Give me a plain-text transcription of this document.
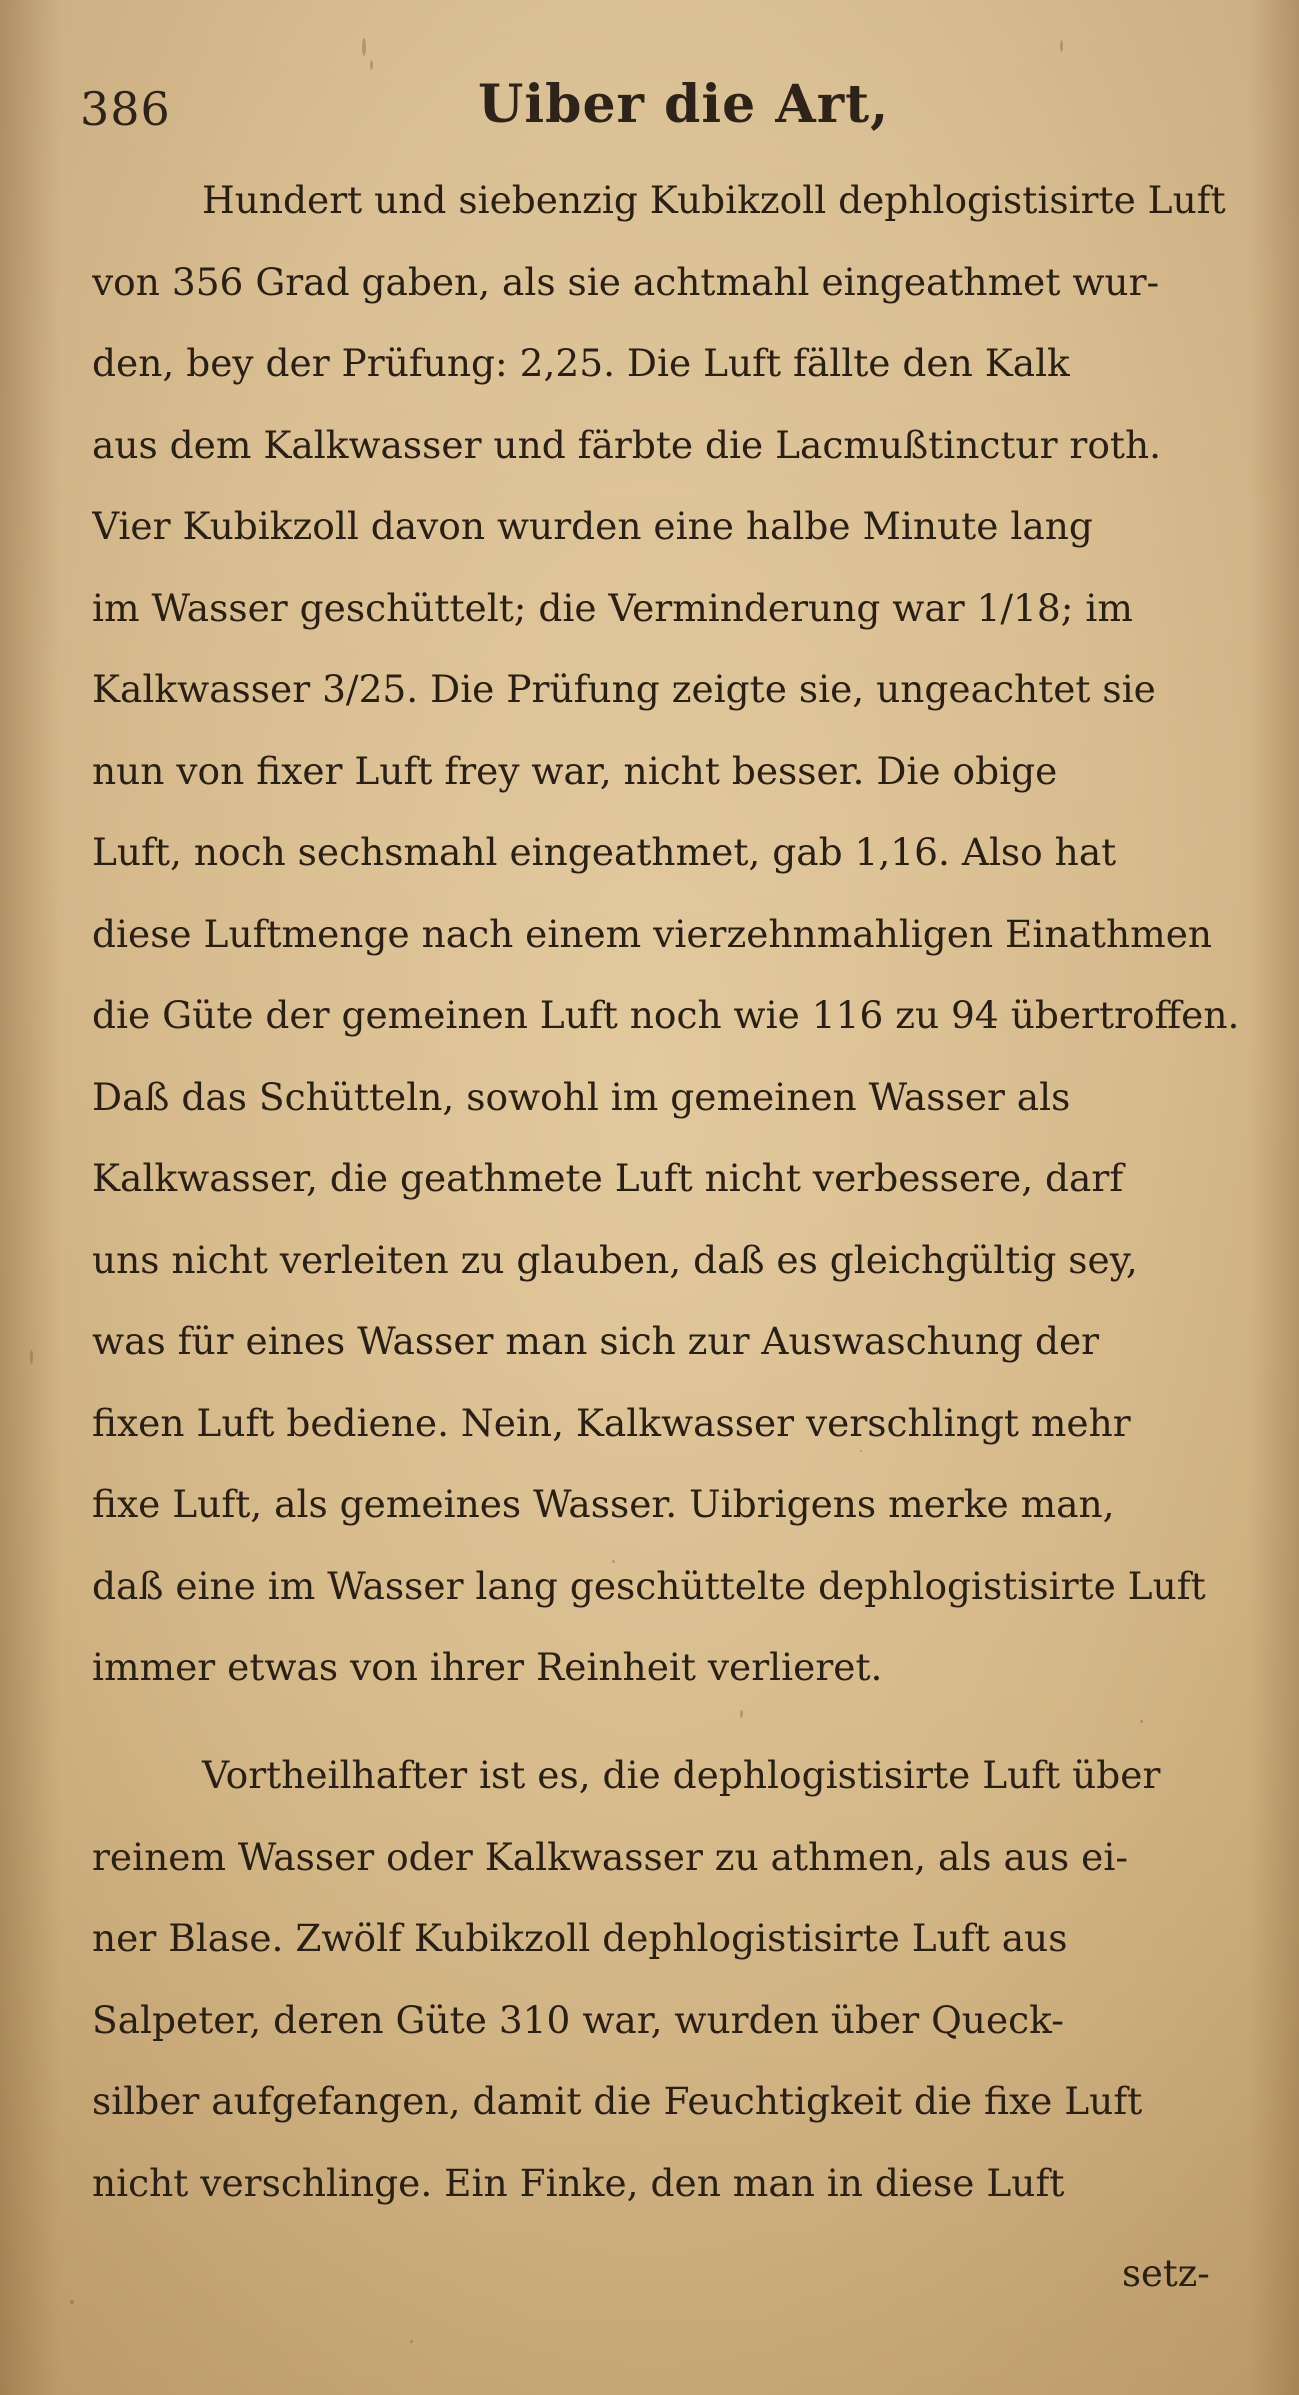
386	Uiber die Art,
Hundert und siebenzig Kubikzoll dephlogistisirte Luft
von 356 Grad gaben, als sie achtmahl eingeathmet wur-
den, bey der Prüfung: 2,25. Die Luft fällte den Kalk
aus dem Kalkwasser und färbte die Lacmußtinctur roth.
Vier Kubikzoll davon wurden eine halbe Minute lang
im Wasser geschüttelt; die Verminderung war 1/18; im
Kalkwasser 3/25. Die Prüfung zeigte sie, ungeachtet sie
nun von fixer Luft frey war, nicht besser. Die obige
Luft, noch sechsmahl eingeathmet, gab 1,16. Also hat
diese Luftmenge nach einem vierzehnmahligen Einathmen
die Güte der gemeinen Luft noch wie 116 zu 94 übertroffen.
Daß das Schütteln, sowohl im gemeinen Wasser als
Kalkwasser, die geathmete Luft nicht verbessere, darf
uns nicht verleiten zu glauben, daß es gleichgültig sey,
was für eines Wasser man sich zur Auswaschung der
fixen Luft bediene. Nein, Kalkwasser verschlingt mehr
fixe Luft, als gemeines Wasser. Uibrigens merke man,
daß eine im Wasser lang geschüttelte dephlogistisirte Luft
immer etwas von ihrer Reinheit verlieret.
Vortheilhafter ist es, die dephlogistisirte Luft über
reinem Wasser oder Kalkwasser zu athmen, als aus ei-
ner Blase. Zwölf Kubikzoll dephlogistisirte Luft aus
Salpeter, deren Güte 310 war, wurden über Queck-
silber aufgefangen, damit die Feuchtigkeit die fixe Luft
nicht verschlinge. Ein Finke, den man in diese Luft
setz-
